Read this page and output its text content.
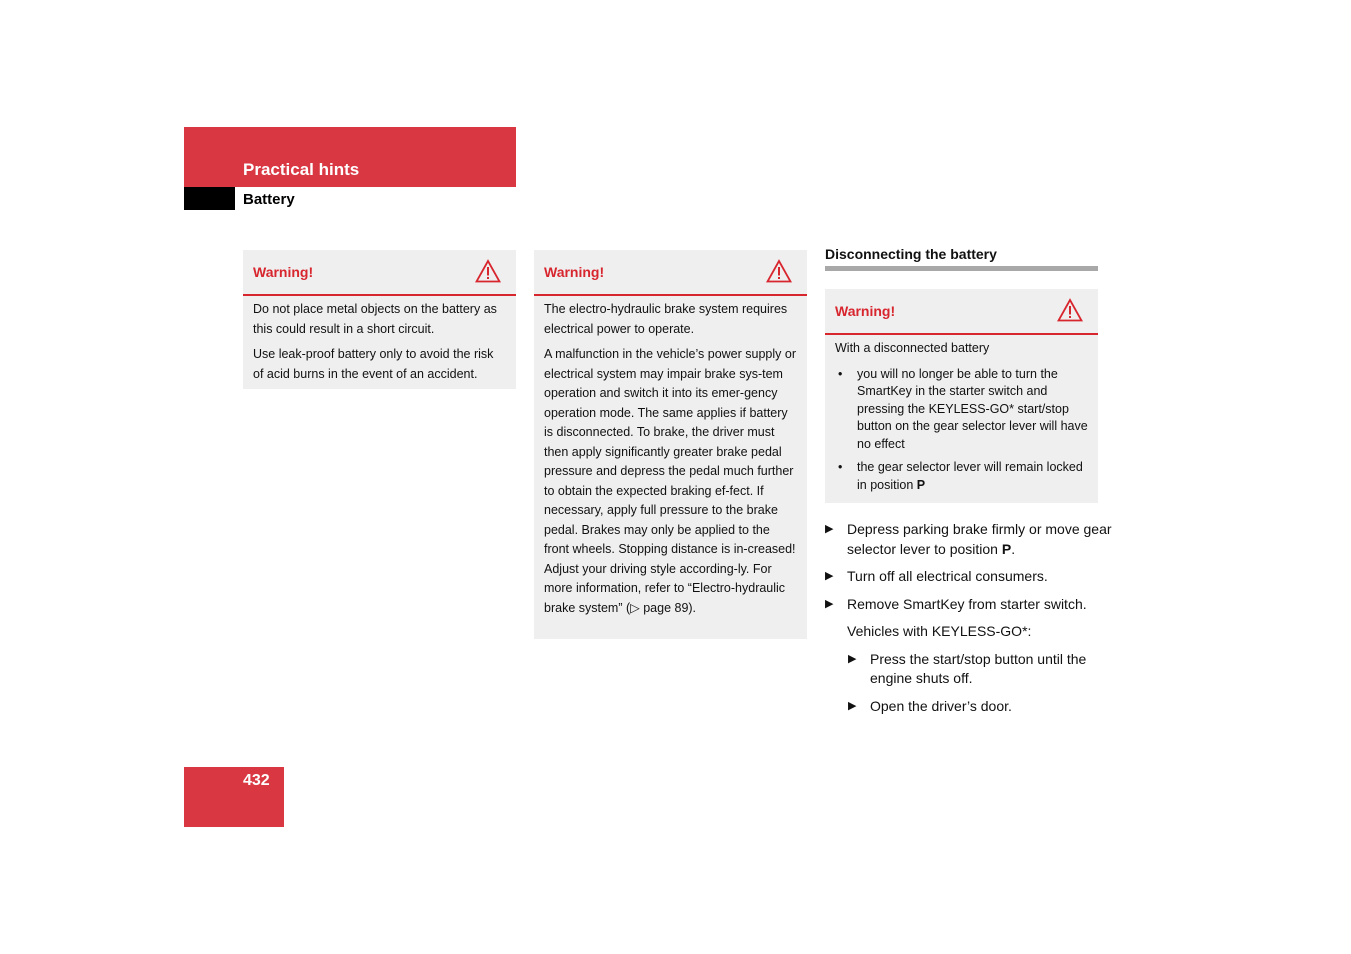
Practical hints
Battery
Warning!

Do not place metal objects on the battery as this could result in a short circuit.

Use leak-proof battery only to avoid the risk of acid burns in the event of an accident.

Warning!

The electro-hydraulic brake system requires electrical power to operate.

A malfunction in the vehicle’s power supply or electrical system may impair brake sys-tem operation and switch it into its emer-gency operation mode. The same applies if battery is disconnected. To brake, the driver must then apply significantly greater brake pedal pressure and depress the pedal much further to obtain the expected braking ef-fect. If necessary, apply full pressure to the brake pedal. Brakes may only be applied to the front wheels. Stopping distance is in-creased! Adjust your driving style according-ly. For more information, refer to “Electro-hydraulic brake system” (▷ page 89).

Disconnecting the battery
Warning!
With a disconnected battery
• you will no longer be able to turn the SmartKey in the starter switch and pressing the KEYLESS-GO* start/stop button on the gear selector lever will have no effect
• the gear selector lever will remain locked in position P
▶ Depress parking brake firmly or move gear selector lever to position P.
▶ Turn off all electrical consumers.
▶ Remove SmartKey from starter switch.
Vehicles with KEYLESS-GO*:
▶ Press the start/stop button until the engine shuts off.
▶ Open the driver’s door.
432
